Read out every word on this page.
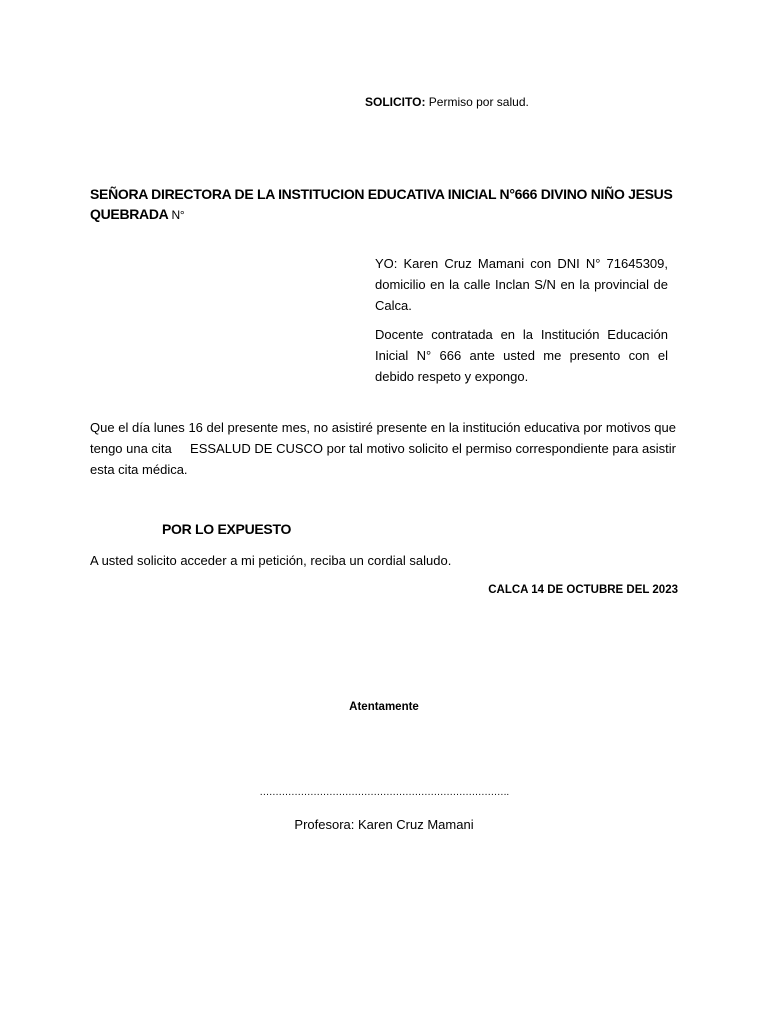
SOLICITO: Permiso por salud.
SEÑORA DIRECTORA DE LA INSTITUCION EDUCATIVA INICIAL N°666 DIVINO NIÑO JESUS QUEBRADA N°
YO: Karen Cruz Mamani con DNI N° 71645309, domicilio en la calle Inclan S/N en la provincial de Calca.
Docente contratada en la Institución Educación Inicial N° 666 ante usted me presento con el debido respeto y expongo.
Que el día lunes 16 del presente mes, no asistiré presente en la institución educativa por motivos que tengo una cita     ESSALUD DE CUSCO por tal motivo solicito el permiso correspondiente para asistir esta cita médica.
POR LO EXPUESTO
A usted solicito acceder a mi petición, reciba un cordial saludo.
CALCA 14 DE OCTUBRE DEL 2023
Atentamente
…………………………………………………………………….
Profesora: Karen Cruz Mamani
